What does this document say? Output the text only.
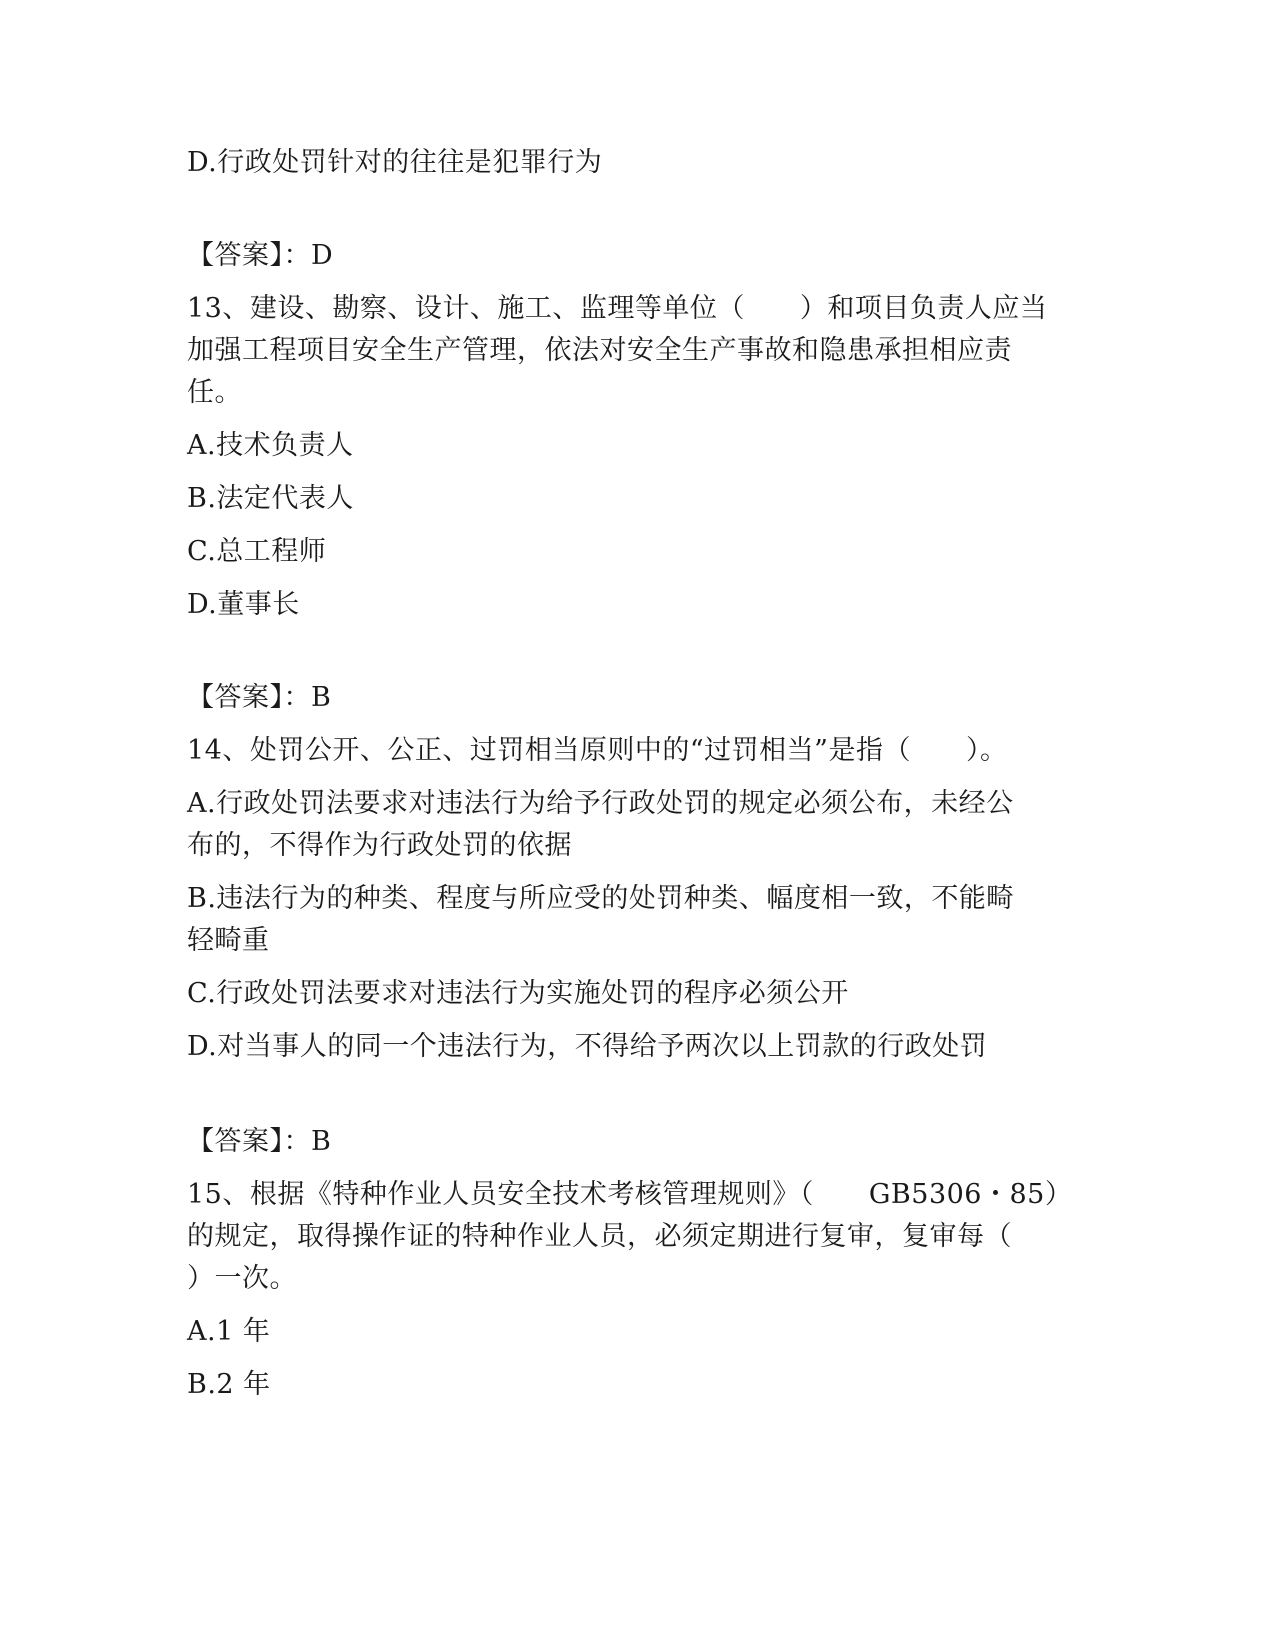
D.行政处罚针对的往往是犯罪行为
【答案】：D
13、建设、勘察、设计、施工、监理等单位（　　）和项目负责人应当
加强工程项目安全生产管理，依法对安全生产事故和隐患承担相应责
任。
A.技术负责人
B.法定代表人
C.总工程师
D.董事长
【答案】：B
14、处罚公开、公正、过罚相当原则中的“过罚相当”是指（　　）。
A.行政处罚法要求对违法行为给予行政处罚的规定必须公布，未经公
布的，不得作为行政处罚的依据
B.违法行为的种类、程度与所应受的处罚种类、幅度相一致，不能畸
轻畸重
C.行政处罚法要求对违法行为实施处罚的程序必须公开
D.对当事人的同一个违法行为，不得给予两次以上罚款的行政处罚
【答案】：B
15、根据《特种作业人员安全技术考核管理规则》（　　GB5306・85）
的规定，取得操作证的特种作业人员，必须定期进行复审，复审每（
）一次。
A.1 年
B.2 年
